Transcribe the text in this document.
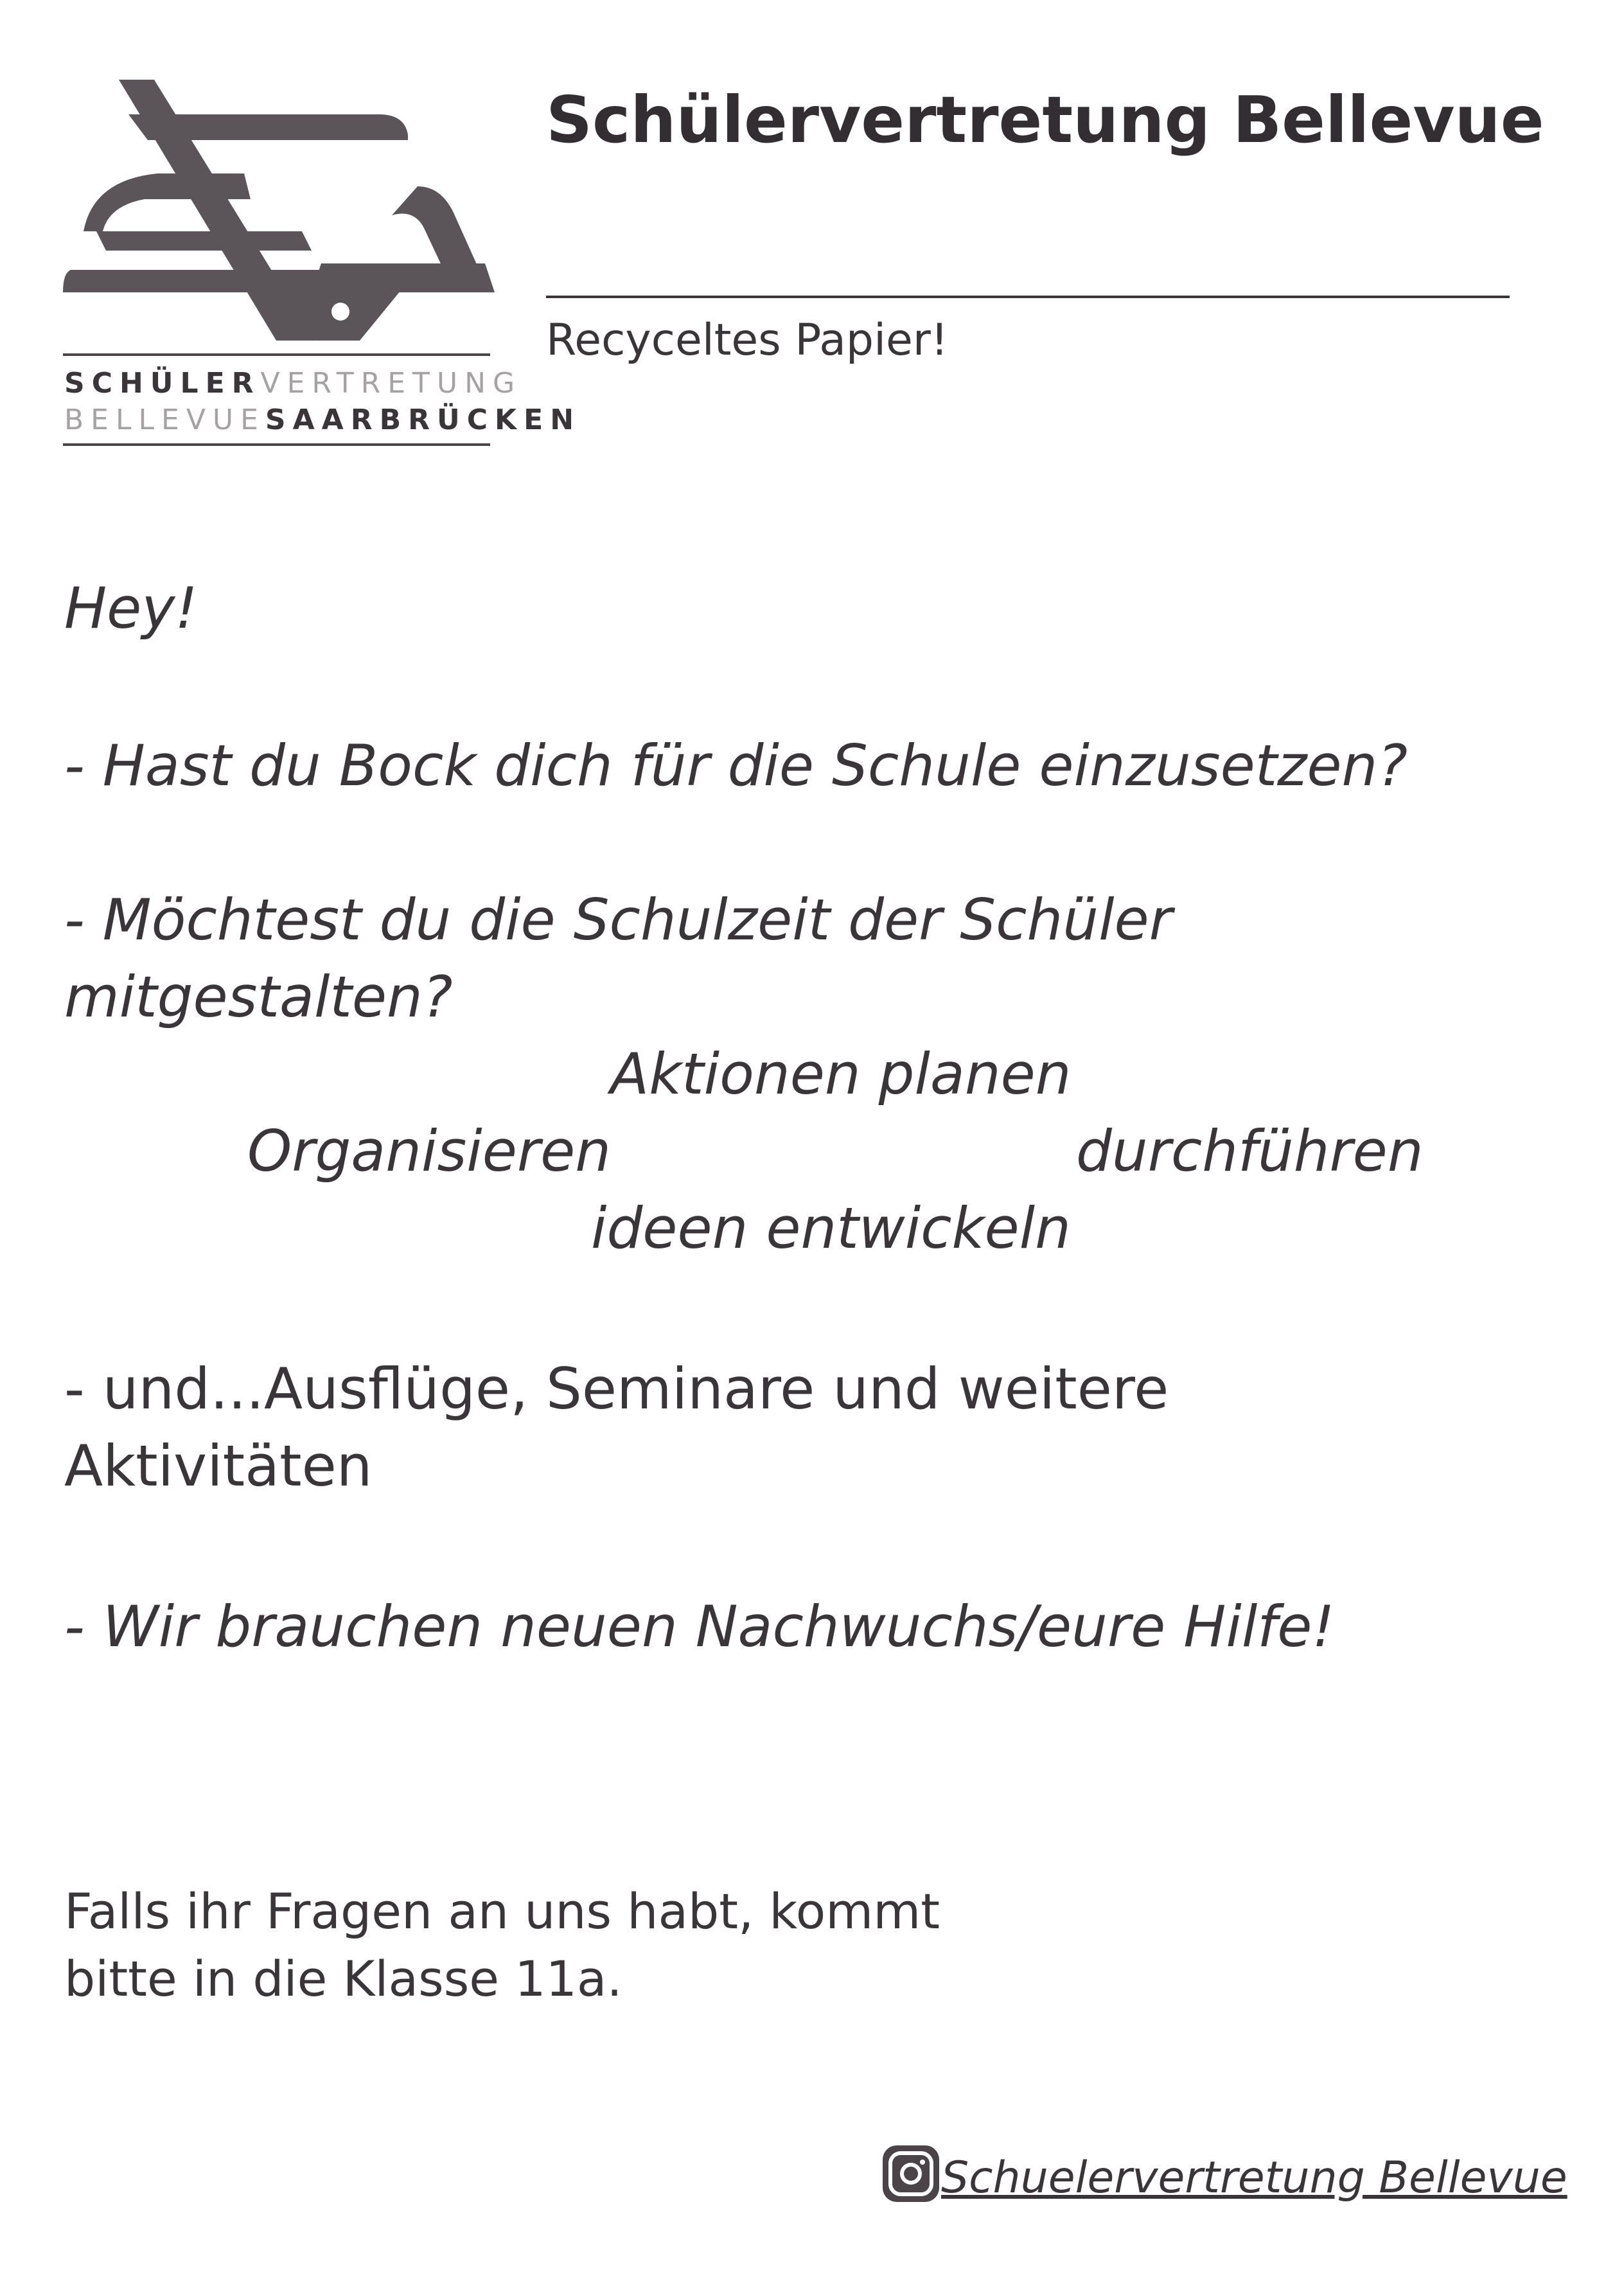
SCHÜLERVERTRETUNG
BELLEVUESAARBRÜCKEN
Schülervertretung Bellevue
Recyceltes Papier!
Hey!
- Hast du Bock dich für die Schule einzusetzen?
- Möchtest du die Schulzeit der Schüler
mitgestalten?
Aktionen planen
Organisieren	durchführen
ideen entwickeln
- und...Ausflüge, Seminare und weitere
Aktivitäten
- Wir brauchen neuen Nachwuchs/eure Hilfe!
Falls ihr Fragen an uns habt, kommt
bitte in die Klasse 11a.
Schuelervertretung Bellevue
